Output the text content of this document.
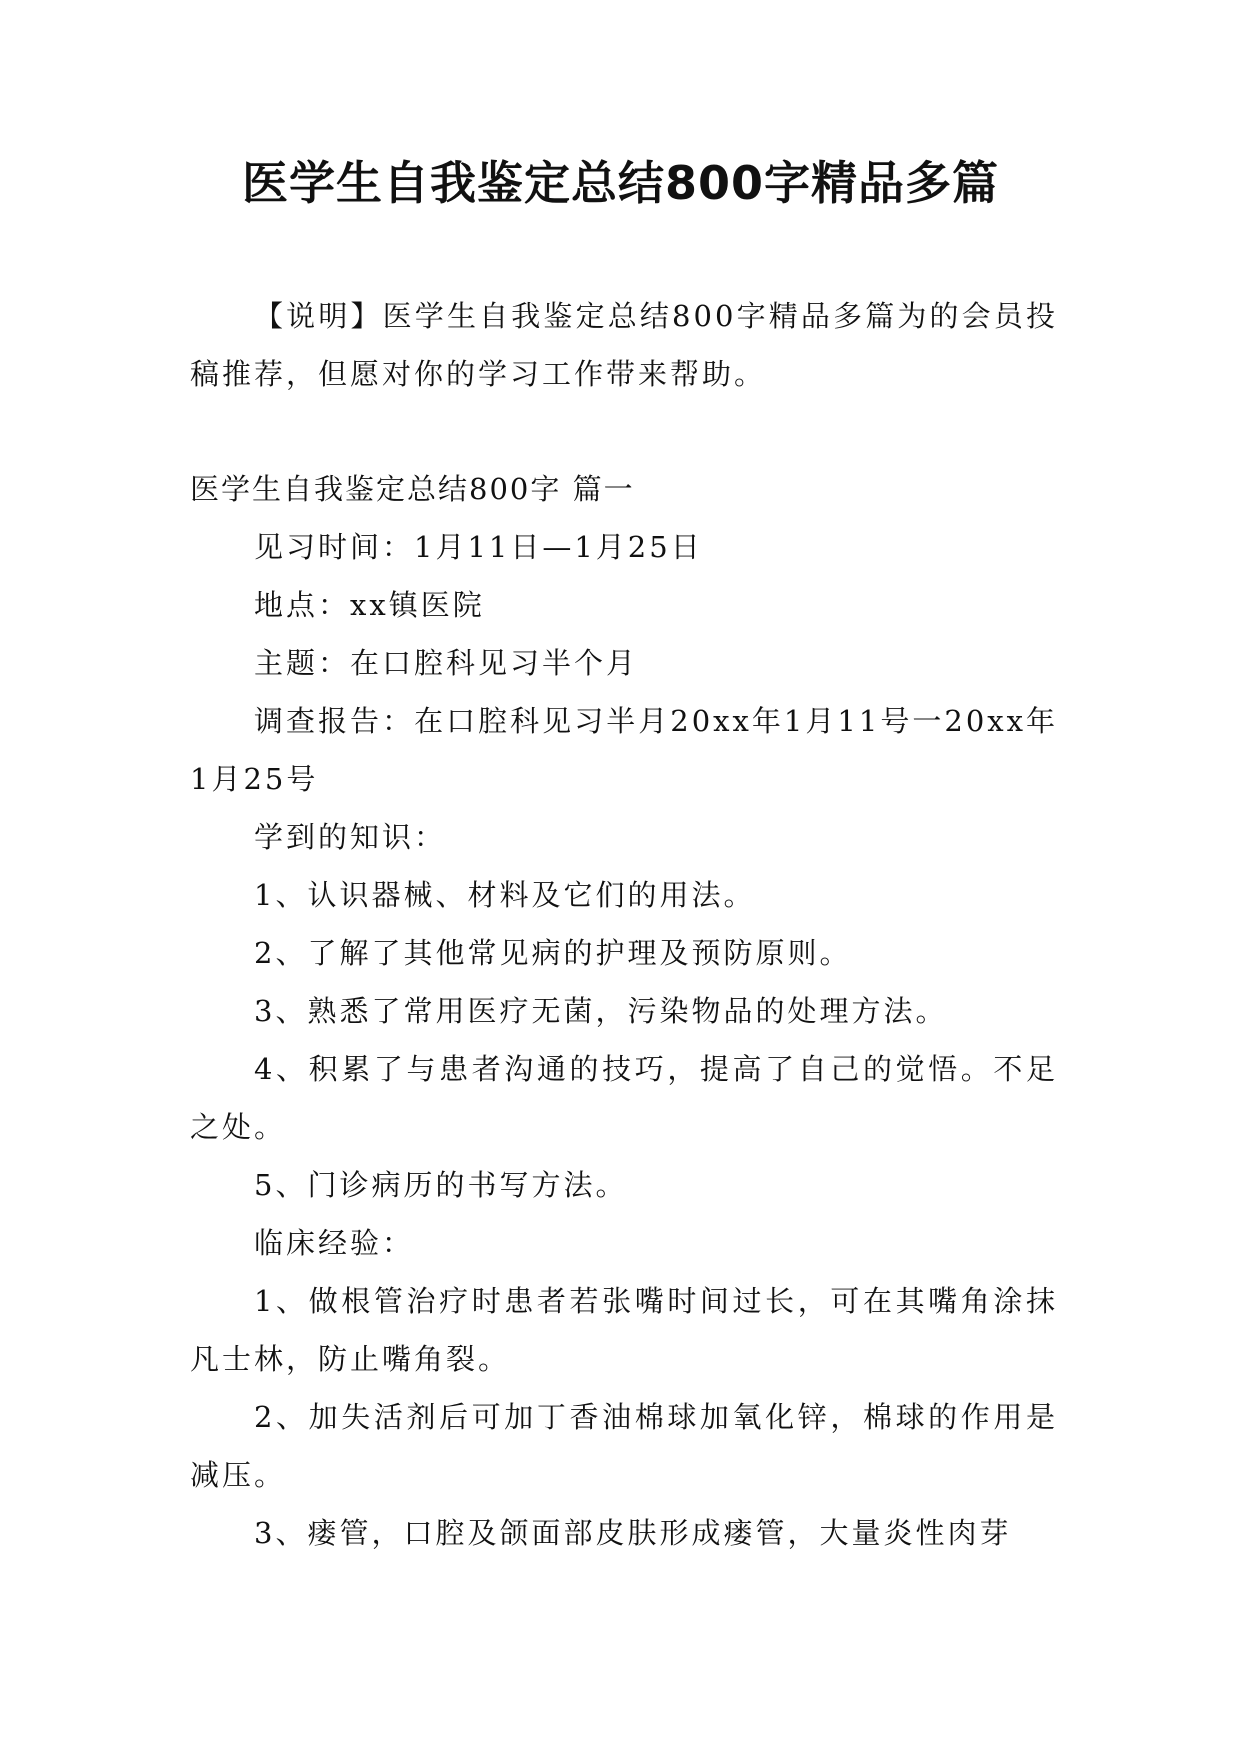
医学生自我鉴定总结800字精品多篇

【说明】医学生自我鉴定总结800字精品多篇为的会员投稿推荐，但愿对你的学习工作带来帮助。

医学生自我鉴定总结800字 篇一

见习时间：1月11日—1月25日

地点：xx镇医院

主题：在口腔科见习半个月

调查报告：在口腔科见习半月20xx年1月11号一20xx年1月25号

学到的知识：

1、认识器械、材料及它们的用法。

2、了解了其他常见病的护理及预防原则。

3、熟悉了常用医疗无菌，污染物品的处理方法。

4、积累了与患者沟通的技巧，提高了自己的觉悟。不足之处。

5、门诊病历的书写方法。

临床经验：

1、做根管治疗时患者若张嘴时间过长，可在其嘴角涂抹凡士林，防止嘴角裂。

2、加失活剂后可加丁香油棉球加氧化锌，棉球的作用是减压。

3、瘘管，口腔及颌面部皮肤形成瘘管，大量炎性肉芽
